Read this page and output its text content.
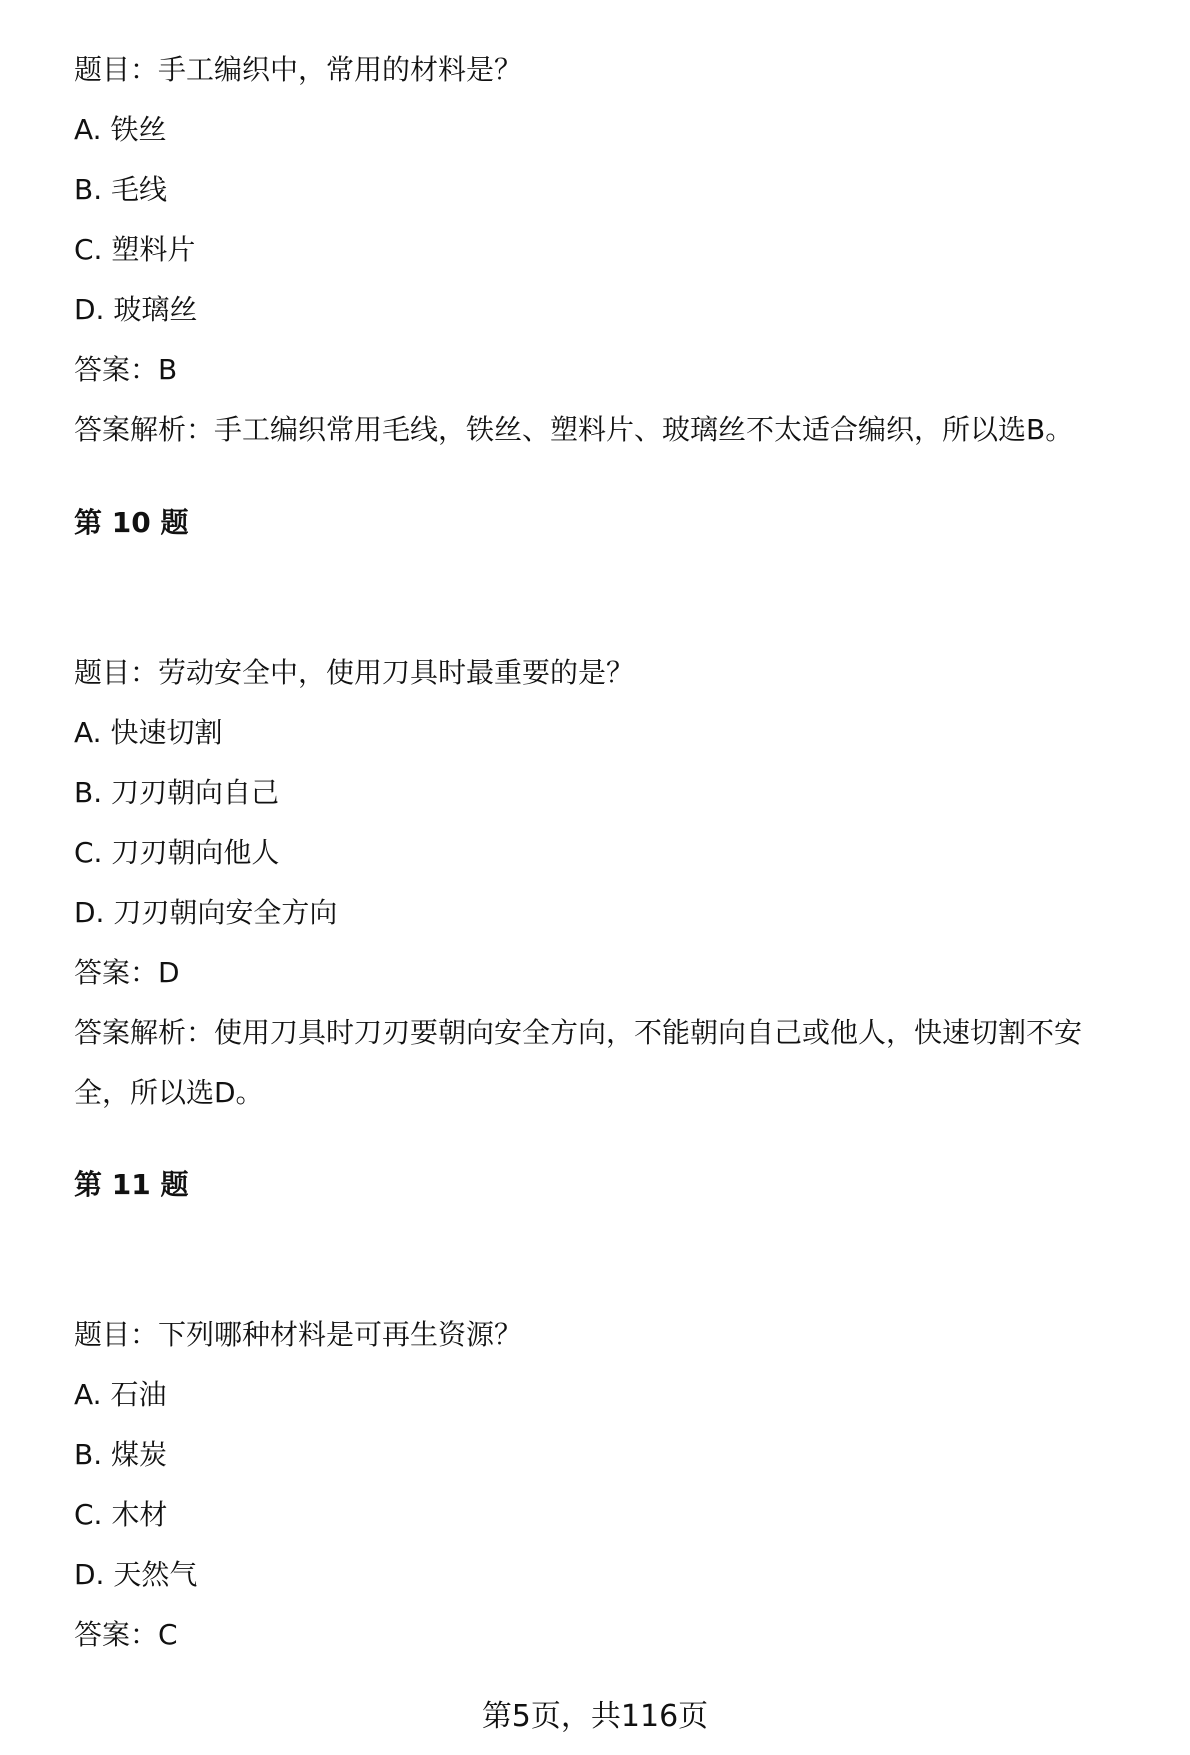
题目：手工编织中，常用的材料是？
A. 铁丝
B. 毛线
C. 塑料片
D. 玻璃丝
答案：B
答案解析：手工编织常用毛线，铁丝、塑料片、玻璃丝不太适合编织，所以选B。
第 10 题
题目：劳动安全中，使用刀具时最重要的是？
A. 快速切割
B. 刀刃朝向自己
C. 刀刃朝向他人
D. 刀刃朝向安全方向
答案：D
答案解析：使用刀具时刀刃要朝向安全方向，不能朝向自己或他人，快速切割不安
全，所以选D。
第 11 题
题目：下列哪种材料是可再生资源？
A. 石油
B. 煤炭
C. 木材
D. 天然气
答案：C
第5页，共116页
